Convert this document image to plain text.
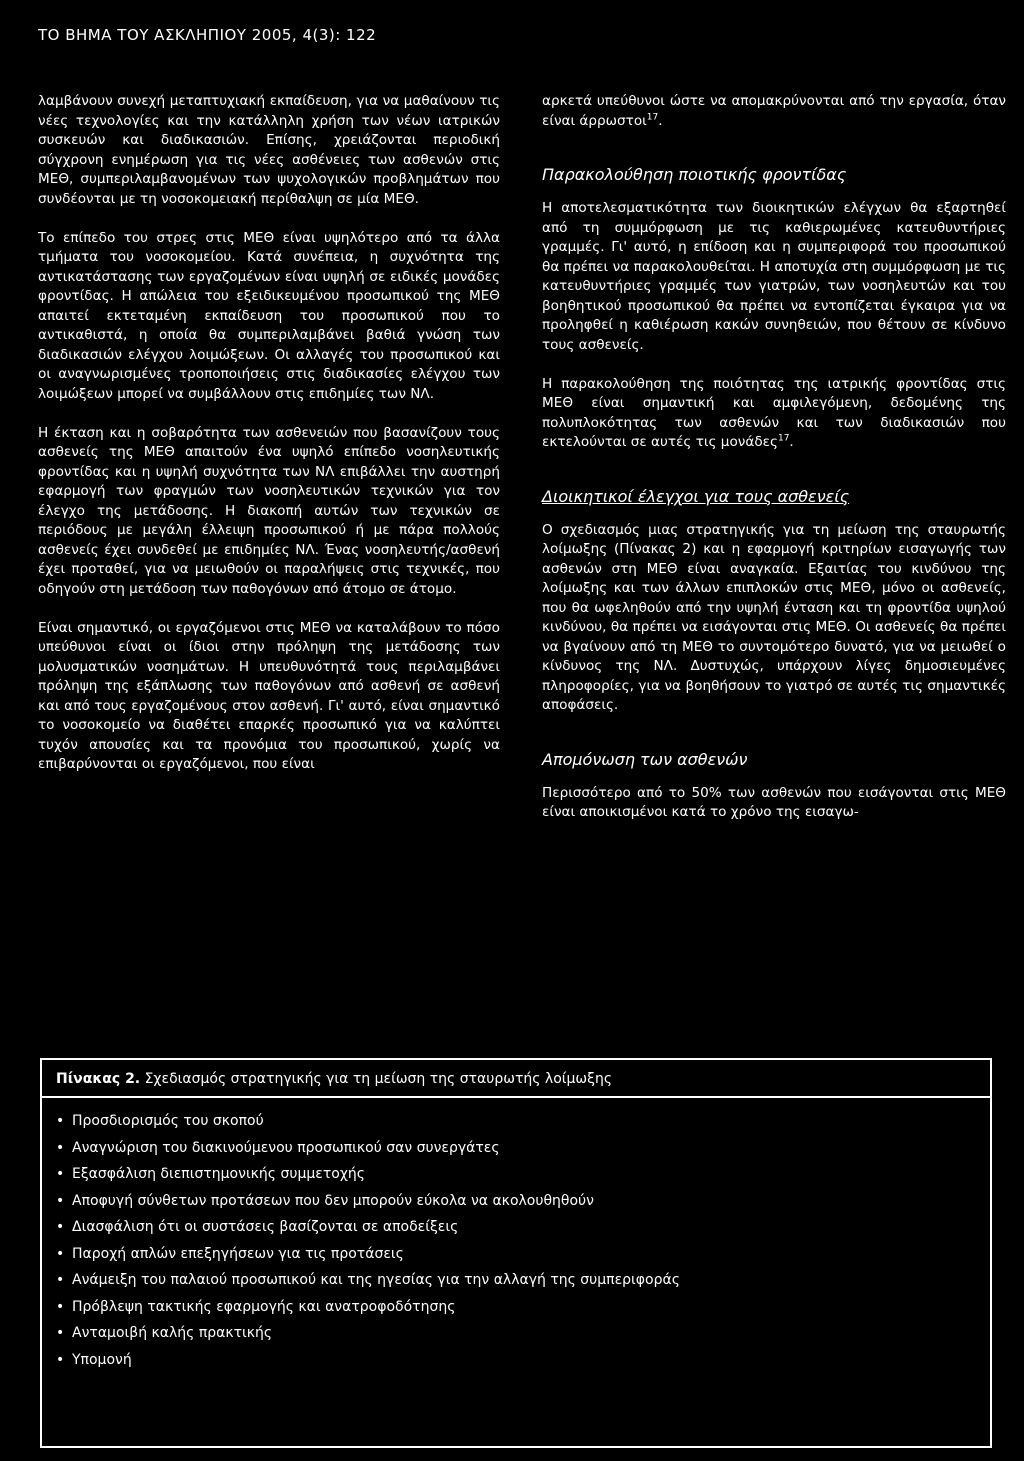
ΤΟ ΒΗΜΑ ΤΟΥ ΑΣΚΛΗΠΙΟΥ 2005, 4(3): 122

λαμβάνουν συνεχή μεταπτυχιακή εκπαίδευση, για να μαθαίνουν τις νέες τεχνολογίες και την κατάλληλη χρήση των νέων ιατρικών συσκευών και διαδικασιών. Επίσης, χρειάζονται περιοδική σύγχρονη ενημέρωση για τις νέες ασθένειες των ασθενών στις ΜΕΘ, συμπεριλαμβανομένων των ψυχολογικών προβλημάτων που συνδέονται με τη νοσοκομειακή περίθαλψη σε μία ΜΕΘ.

Το επίπεδο του στρες στις ΜΕΘ είναι υψηλότερο από τα άλλα τμήματα του νοσοκομείου. Κατά συνέπεια, η συχνότητα της αντικατάστασης των εργαζομένων είναι υψηλή σε ειδικές μονάδες φροντίδας. Η απώλεια του εξειδικευμένου προσωπικού της ΜΕΘ απαιτεί εκτεταμένη εκπαίδευση του προσωπικού που το αντικαθιστά, η οποία θα συμπεριλαμβάνει βαθιά γνώση των διαδικασιών ελέγχου λοιμώξεων. Οι αλλαγές του προσωπικού και οι αναγνωρισμένες τροποποιήσεις στις διαδικασίες ελέγχου των λοιμώξεων μπορεί να συμβάλλουν στις επιδημίες των ΝΛ.

Η έκταση και η σοβαρότητα των ασθενειών που βασανίζουν τους ασθενείς της ΜΕΘ απαιτούν ένα υψηλό επίπεδο νοσηλευτικής φροντίδας και η υψηλή συχνότητα των ΝΛ επιβάλλει την αυστηρή εφαρμογή των φραγμών των νοσηλευτικών τεχνικών για τον έλεγχο της μετάδοσης. Η διακοπή αυτών των τεχνικών σε περιόδους με μεγάλη έλλειψη προσωπικού ή με πάρα πολλούς ασθενείς έχει συνδεθεί με επιδημίες ΝΛ. Ένας νοσηλευτής/ασθενή έχει προταθεί, για να μειωθούν οι παραλήψεις στις τεχνικές, που οδηγούν στη μετάδοση των παθογόνων από άτομο σε άτομο.

Είναι σημαντικό, οι εργαζόμενοι στις ΜΕΘ να καταλάβουν το πόσο υπεύθυνοι είναι οι ίδιοι στην πρόληψη της μετάδοσης των μολυσματικών νοσημάτων. Η υπευθυνότητά τους περιλαμβάνει πρόληψη της εξάπλωσης των παθογόνων από ασθενή σε ασθενή και από τους εργαζομένους στον ασθενή. Γι' αυτό, είναι σημαντικό το νοσοκομείο να διαθέτει επαρκές προσωπικό για να καλύπτει τυχόν απουσίες και τα προνόμια του προσωπικού, χωρίς να επιβαρύνονται οι εργαζόμενοι, που είναι

αρκετά υπεύθυνοι ώστε να απομακρύνονται από την εργασία, όταν είναι άρρωστοι$^{17}$.

Παρακολούθηση ποιοτικής φροντίδας

Η αποτελεσματικότητα των διοικητικών ελέγχων θα εξαρτηθεί από τη συμμόρφωση με τις καθιερωμένες κατευθυντήριες γραμμές. Γι' αυτό, η επίδοση και η συμπεριφορά του προσωπικού θα πρέπει να παρακολουθείται. Η αποτυχία στη συμμόρφωση με τις κατευθυντήριες γραμμές των γιατρών, των νοσηλευτών και του βοηθητικού προσωπικού θα πρέπει να εντοπίζεται έγκαιρα για να προληφθεί η καθιέρωση κακών συνηθειών, που θέτουν σε κίνδυνο τους ασθενείς.

Η παρακολούθηση της ποιότητας της ιατρικής φροντίδας στις ΜΕΘ είναι σημαντική και αμφιλεγόμενη, δεδομένης της πολυπλοκότητας των ασθενών και των διαδικασιών που εκτελούνται σε αυτές τις μονάδες$^{17}$.

Διοικητικοί έλεγχοι για τους ασθενείς

Ο σχεδιασμός μιας στρατηγικής για τη μείωση της σταυρωτής λοίμωξης (Πίνακας 2) και η εφαρμογή κριτηρίων εισαγωγής των ασθενών στη ΜΕΘ είναι αναγκαία. Εξαιτίας του κινδύνου της λοίμωξης και των άλλων επιπλοκών στις ΜΕΘ, μόνο οι ασθενείς, που θα ωφεληθούν από την υψηλή ένταση και τη φροντίδα υψηλού κινδύνου, θα πρέπει να εισάγονται στις ΜΕΘ. Οι ασθενείς θα πρέπει να βγαίνουν από τη ΜΕΘ το συντομότερο δυνατό, για να μειωθεί ο κίνδυνος της ΝΛ. Δυστυχώς, υπάρχουν λίγες δημοσιευμένες πληροφορίες, για να βοηθήσουν το γιατρό σε αυτές τις σημαντικές αποφάσεις.

Απομόνωση των ασθενών

Περισσότερο από το 50% των ασθενών που εισάγονται στις ΜΕΘ είναι αποικισμένοι κατά το χρόνο της εισαγω-

Πίνακας 2. Σχεδιασμός στρατηγικής για τη μείωση της σταυρωτής λοίμωξης
• Προσδιορισμός του σκοπού
• Αναγνώριση του διακινούμενου προσωπικού σαν συνεργάτες
• Εξασφάλιση διεπιστημονικής συμμετοχής
• Αποφυγή σύνθετων προτάσεων που δεν μπορούν εύκολα να ακολουθηθούν
• Διασφάλιση ότι οι συστάσεις βασίζονται σε αποδείξεις
• Παροχή απλών επεξηγήσεων για τις προτάσεις
• Ανάμειξη του παλαιού προσωπικού και της ηγεσίας για την αλλαγή της συμπεριφοράς
• Πρόβλεψη τακτικής εφαρμογής και ανατροφοδότησης
• Ανταμοιβή καλής πρακτικής
• Υπομονή
